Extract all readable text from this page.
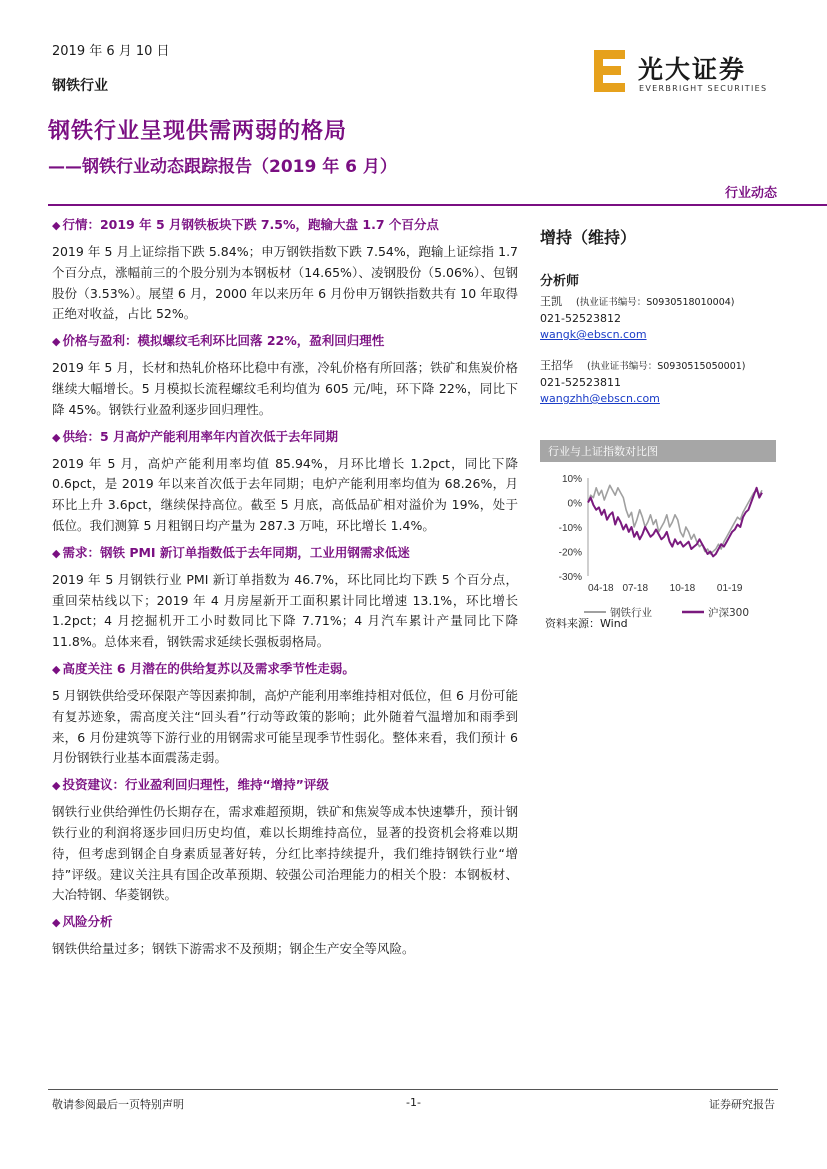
2019 年 6 月 10 日
钢铁行业
光大证券
EVERBRIGHT SECURITIES
钢铁行业呈现供需两弱的格局
——钢铁行业动态跟踪报告（2019 年 6 月）
行业动态
◆ 行情：2019 年 5 月钢铁板块下跌 7.5%，跑输大盘 1.7 个百分点
2019 年 5 月上证综指下跌 5.84%；申万钢铁指数下跌 7.54%，跑输上证综指 1.7 个百分点，涨幅前三的个股分别为本钢板材（14.65%）、凌钢股份（5.06%）、包钢股份（3.53%）。展望 6 月，2000 年以来历年 6 月份申万钢铁指数共有 10 年取得正绝对收益，占比 52%。
◆ 价格与盈利：模拟螺纹毛利环比回落 22%，盈利回归理性
2019 年 5 月，长材和热轧价格环比稳中有涨，冷轧价格有所回落；铁矿和焦炭价格继续大幅增长。5 月模拟长流程螺纹毛利均值为 605 元/吨，环下降 22%，同比下降 45%。钢铁行业盈利逐步回归理性。
◆ 供给：5 月高炉产能利用率年内首次低于去年同期
2019 年 5 月，高炉产能利用率均值 85.94%，月环比增长 1.2pct，同比下降 0.6pct，是 2019 年以来首次低于去年同期；电炉产能利用率均值为 68.26%，月环比上升 3.6pct，继续保持高位。截至 5 月底，高低品矿相对溢价为 19%，处于低位。我们测算 5 月粗钢日均产量为 287.3 万吨，环比增长 1.4%。
◆ 需求：钢铁 PMI 新订单指数低于去年同期，工业用钢需求低迷
2019 年 5 月钢铁行业 PMI 新订单指数为 46.7%，环比同比均下跌 5 个百分点，重回荣枯线以下；2019 年 4 月房屋新开工面积累计同比增速 13.1%，环比增长 1.2pct；4 月挖掘机开工小时数同比下降 7.71%；4 月汽车累计产量同比下降 11.8%。总体来看，钢铁需求延续长强板弱格局。
◆ 高度关注 6 月潜在的供给复苏以及需求季节性走弱。
5 月钢铁供给受环保限产等因素抑制，高炉产能利用率维持相对低位，但 6 月份可能有复苏迹象，需高度关注“回头看”行动等政策的影响；此外随着气温增加和雨季到来，6 月份建筑等下游行业的用钢需求可能呈现季节性弱化。整体来看，我们预计 6 月份钢铁行业基本面震荡走弱。
◆ 投资建议：行业盈利回归理性，维持“增持”评级
钢铁行业供给弹性仍长期存在，需求难超预期，铁矿和焦炭等成本快速攀升，预计钢铁行业的利润将逐步回归历史均值，难以长期维持高位，显著的投资机会将难以期待，但考虑到钢企自身素质显著好转，分红比率持续提升，我们维持钢铁行业“增持”评级。建议关注具有国企改革预期、较强公司治理能力的相关个股：本钢板材、大冶特钢、华菱钢铁。
◆ 风险分析
钢铁供给量过多；钢铁下游需求不及预期；钢企生产安全等风险。
增持（维持）
分析师
王凯 (执业证书编号：S0930518010004)
021-52523812
wangk@ebscn.com
王招华 (执业证书编号：S0930515050001)
021-52523811
wangzhh@ebscn.com
行业与上证指数对比图
10%
0%
-10%
-20%
-30%
04-18 07-18 10-18 01-19
钢铁行业	沪深300
资料来源：Wind
敬请参阅最后一页特别声明	-1-	证券研究报告
